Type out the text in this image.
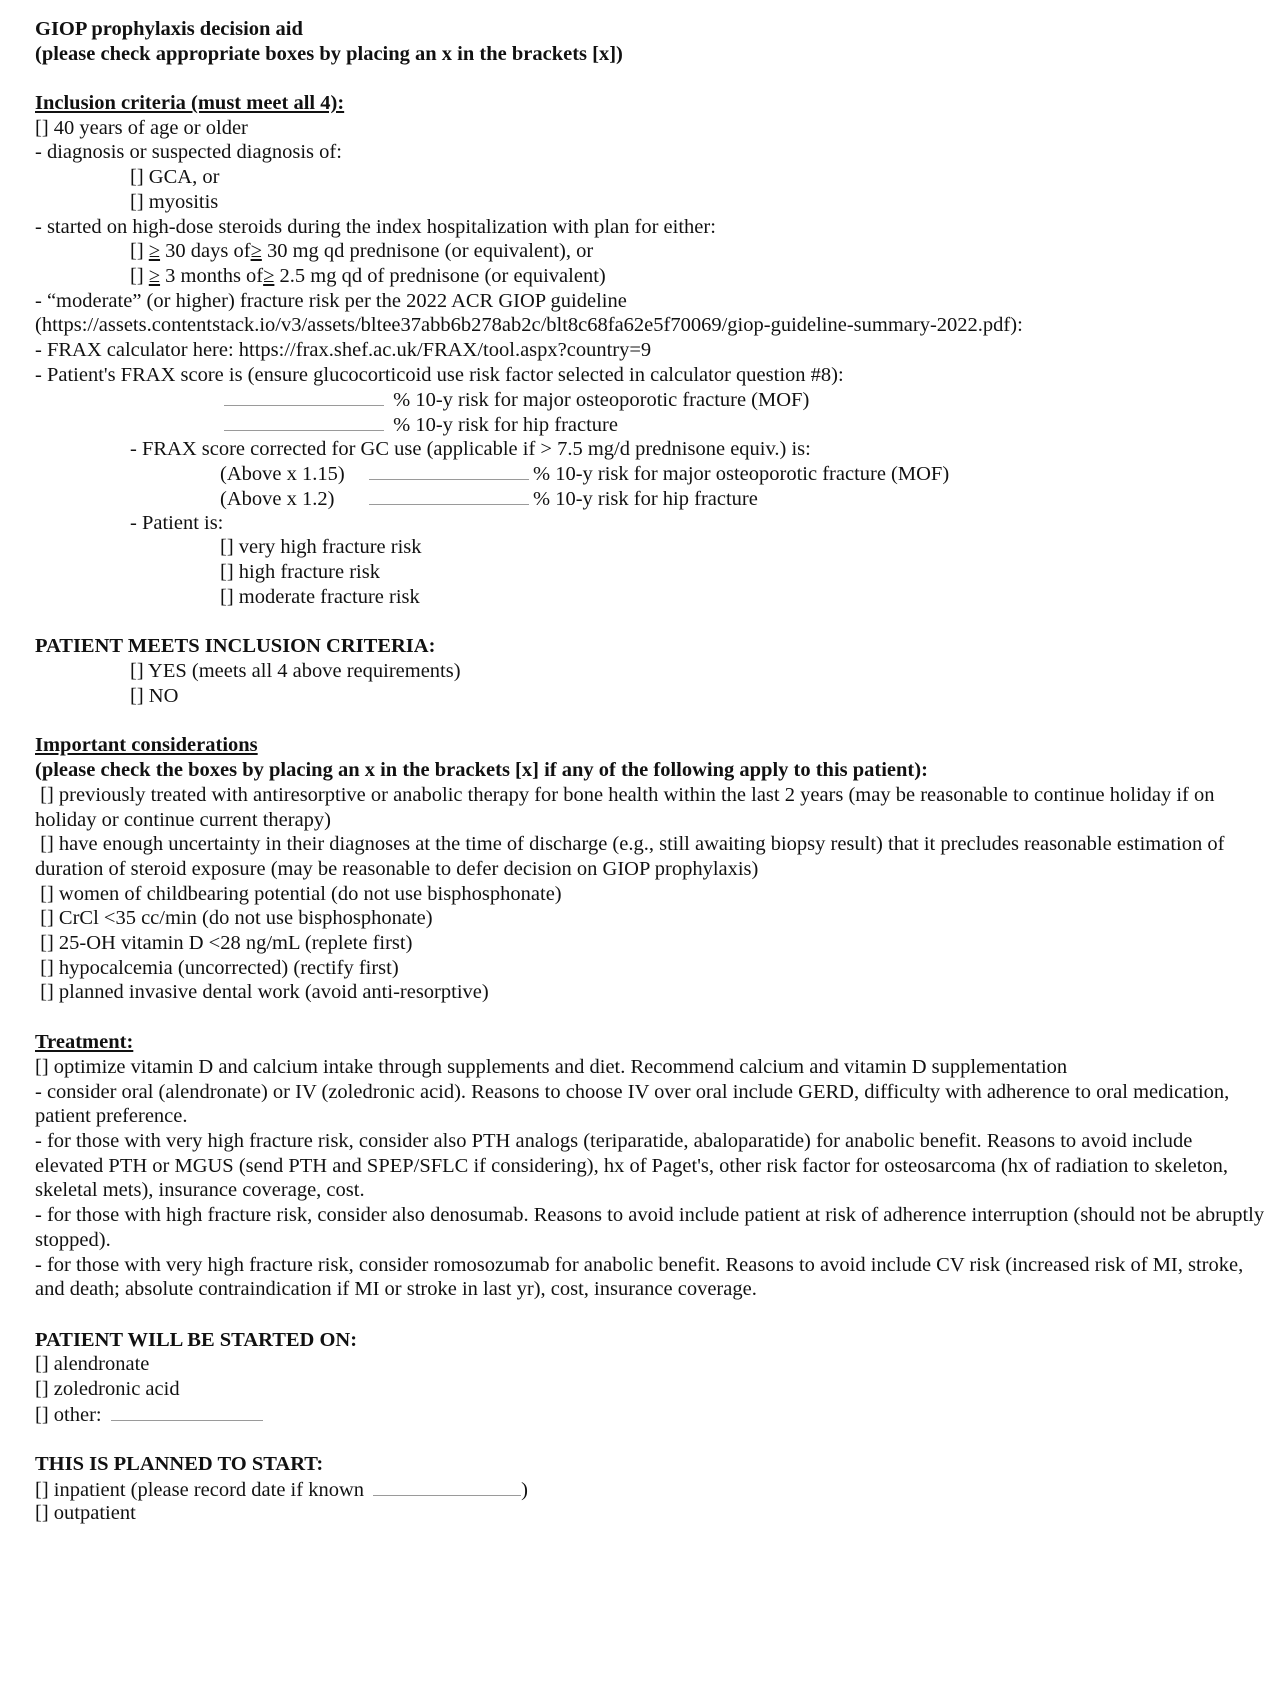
GIOP prophylaxis decision aid
(please check appropriate boxes by placing an x in the brackets [x])
Inclusion criteria (must meet all 4):
[] 40 years of age or older
- diagnosis or suspected diagnosis of:
[] GCA, or
[] myositis
- started on high-dose steroids during the index hospitalization with plan for either:
[] ≥ 30 days of≥ 30 mg qd prednisone (or equivalent), or
[] ≥ 3 months of≥ 2.5 mg qd of prednisone (or equivalent)
- “moderate” (or higher) fracture risk per the 2022 ACR GIOP guideline
(https://assets.contentstack.io/v3/assets/bltee37abb6b278ab2c/blt8c68fa62e5f70069/giop-guideline-summary-2022.pdf):
- FRAX calculator here: https://frax.shef.ac.uk/FRAX/tool.aspx?country=9
- Patient's FRAX score is (ensure glucocorticoid use risk factor selected in calculator question #8):
% 10-y risk for major osteoporotic fracture (MOF)
% 10-y risk for hip fracture
- FRAX score corrected for GC use (applicable if > 7.5 mg/d prednisone equiv.) is:
(Above x 1.15)	% 10-y risk for major osteoporotic fracture (MOF)
(Above x 1.2)	% 10-y risk for hip fracture
- Patient is:
[] very high fracture risk
[] high fracture risk
[] moderate fracture risk
PATIENT MEETS INCLUSION CRITERIA:
[] YES (meets all 4 above requirements)
[] NO
Important considerations
(please check the boxes by placing an x in the brackets [x] if any of the following apply to this patient):
[] previously treated with antiresorptive or anabolic therapy for bone health within the last 2 years (may be reasonable to continue holiday if on holiday or continue current therapy)
[] have enough uncertainty in their diagnoses at the time of discharge (e.g., still awaiting biopsy result) that it precludes reasonable estimation of duration of steroid exposure (may be reasonable to defer decision on GIOP prophylaxis)
[] women of childbearing potential (do not use bisphosphonate)
[] CrCl <35 cc/min (do not use bisphosphonate)
[] 25-OH vitamin D <28 ng/mL (replete first)
[] hypocalcemia (uncorrected) (rectify first)
[] planned invasive dental work (avoid anti-resorptive)
Treatment:
[] optimize vitamin D and calcium intake through supplements and diet. Recommend calcium and vitamin D supplementation
- consider oral (alendronate) or IV (zoledronic acid). Reasons to choose IV over oral include GERD, difficulty with adherence to oral medication, patient preference.
- for those with very high fracture risk, consider also PTH analogs (teriparatide, abaloparatide) for anabolic benefit. Reasons to avoid include elevated PTH or MGUS (send PTH and SPEP/SFLC if considering), hx of Paget's, other risk factor for osteosarcoma (hx of radiation to skeleton, skeletal mets), insurance coverage, cost.
- for those with high fracture risk, consider also denosumab. Reasons to avoid include patient at risk of adherence interruption (should not be abruptly stopped).
- for those with very high fracture risk, consider romosozumab for anabolic benefit. Reasons to avoid include CV risk (increased risk of MI, stroke, and death; absolute contraindication if MI or stroke in last yr), cost, insurance coverage.
PATIENT WILL BE STARTED ON:
[] alendronate
[] zoledronic acid
[] other:
THIS IS PLANNED TO START:
[] inpatient (please record date if known	)
[] outpatient
